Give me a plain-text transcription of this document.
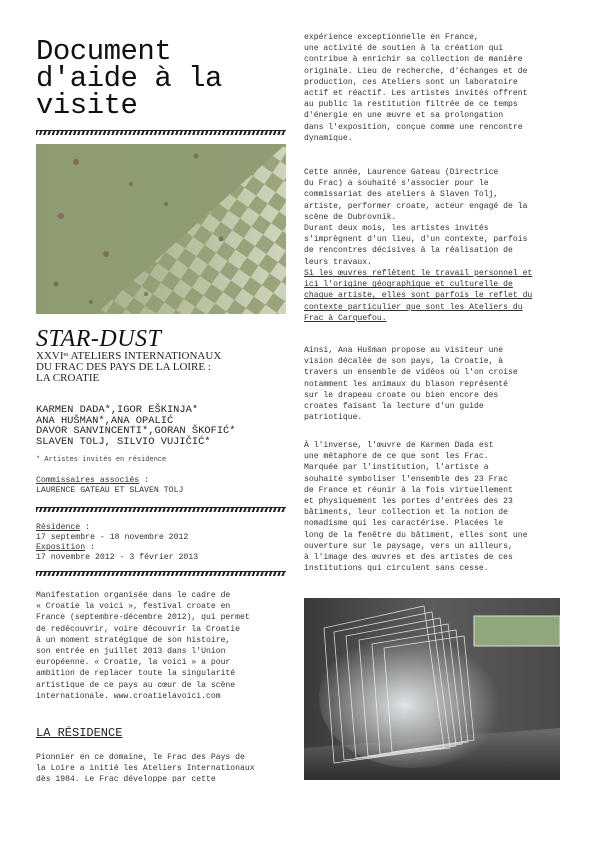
Document
d'aide à la
visite
STAR-DUST
$XXVI^{es}$ ATELIERS INTERNATIONAUX
DU FRAC DES PAYS DE LA LOIRE :
LA CROATIE
KARMEN DADA*,IGOR EŠKINJA*
ANA HUŠMAN*,ANA OPALIĆ
DAVOR SANVINCENTI*,GORAN ŠKOFIĆ*
SLAVEN TOLJ, SILVIO VUJIČIĆ*
* Artistes invités en résidence
Commissaires associés :
LAURENCE GATEAU ET SLAVEN TOLJ
Résidence :
17 septembre - 18 novembre 2012
Exposition :
17 novembre 2012 - 3 février 2013
Manifestation organisée dans le cadre de
« Croatie la voici », festival croate en
France (septembre-décembre 2012), qui permet
de redécouvrir, voire découvrir la Croatie
à un moment stratégique de son histoire,
son entrée en juillet 2013 dans l'Union
européenne. « Croatie, la voici » a pour
ambition de replacer toute la singularité
artistique de ce pays au cœur de la scène
internationale. www.croatielavoici.com
LA RÉSIDENCE
Pionnier en ce domaine, le Frac des Pays de
la Loire a initié les Ateliers Internationaux
dès 1984. Le Frac développe par cette
expérience exceptionnelle en France,
une activité de soutien à la création qui
contribue à enrichir sa collection de manière
originale. Lieu de recherche, d'échanges et de
production, ces Ateliers sont un laboratoire
actif et réactif. Les artistes invités offrent
au public la restitution filtrée de ce temps
d'énergie en une œuvre et sa prolongation
dans l'exposition, conçue comme une rencontre
dynamique.
Cette année, Laurence Gateau (Directrice
du Frac) a souhaité s'associer pour le
commissariat des ateliers à Slaven Tolj,
artiste, performer croate, acteur engagé de la
scène de Dubrovnik.
Durant deux mois, les artistes invités
s'imprègnent d'un lieu, d'un contexte, parfois
de rencontres décisives à la réalisation de
leurs travaux.
Si les œuvres reflètent le travail personnel et
ici l'origine géographique et culturelle de
chaque artiste, elles sont parfois le reflet du
contexte particulier que sont les Ateliers du
Frac à Carquefou.
Ainsi, Ana Hušman propose au visiteur une
vision décalée de son pays, la Croatie, à
travers un ensemble de vidéos où l'on croise
notamment les animaux du blason représenté
sur le drapeau croate ou bien encore des
croates faisant la lecture d'un guide
patriotique.
À l'inverse, l'œuvre de Karmen Dada est
une métaphore de ce que sont les Frac.
Marquée par l'institution, l'artiste a
souhaité symboliser l'ensemble des 23 Frac
de France et réunir à la fois virtuellement
et physiquement les portes d'entrées des 23
bâtiments, leur collection et la notion de
nomadisme qui les caractérise. Placées le
long de la fenêtre du bâtiment, elles sont une
ouverture sur le paysage, vers un ailleurs,
à l'image des œuvres et des artistes de ces
institutions qui circulent sans cesse.
